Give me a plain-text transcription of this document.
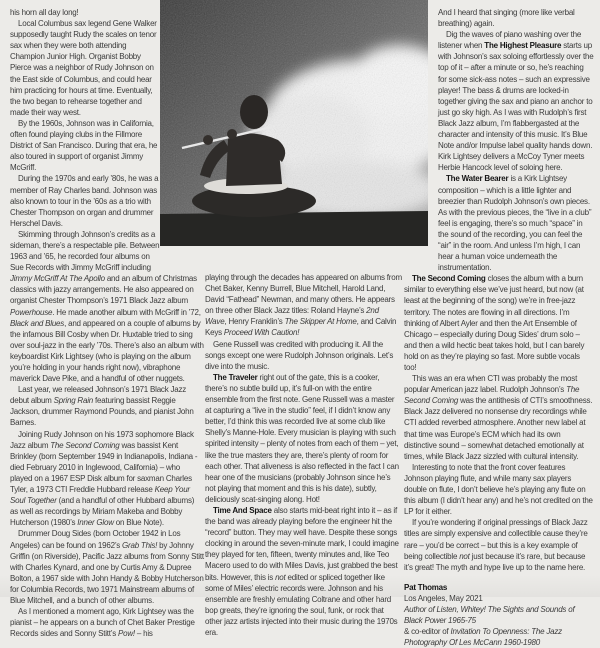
his horn all day long!

Local Columbus sax legend Gene Walker supposedly taught Rudy the scales on tenor sax when they were both attending Champion Junior High. Organist Bobby Pierce was a neighbor of Rudy Johnson on the East side of Columbus, and could hear him practicing for hours at time. Eventually, the two began to rehearse together and made their way west.

By the 1960s, Johnson was in California, often found playing clubs in the Fillmore District of San Francisco. During that era, he also toured in support of organist Jimmy McGriff.

During the 1970s and early ’80s, he was a member of Ray Charles band. Johnson was also known to tour in the ’60s as a trio with Chester Thompson on organ and drummer Herschel Davis.

Skimming through Johnson’s credits as a sideman, there’s a respectable pile. Between 1963 and ’65, he recorded four albums on Sue Records with Jimmy McGriff including Jimmy McGriff At The Apollo and an album of Christmas classics with jazzy arrangements. He also appeared on organist Chester Thompson’s 1971 Black Jazz album Powerhouse. He made another album with McGriff in ’72, Black and Blues, and appeared on a couple of albums by the infamous Bill Cosby when Dr. Huxtable tried to sing over soul-jazz in the early ’70s. There’s also an album with keyboardist Kirk Lightsey (who is playing on the album you’re holding in your hands right now), vibraphone maverick Dave Pike, and a handful of other nuggets.

Last year, we released Johnson’s 1971 Black Jazz debut album Spring Rain featuring bassist Reggie Jackson, drummer Raymond Pounds, and pianist John Barnes.

Joining Rudy Johnson on his 1973 sophomore Black Jazz album The Second Coming was bassist Kent Brinkley (born September 1949 in Indianapolis, Indiana - died February 2010 in Inglewood, California) – who played on a 1967 ESP Disk album for saxman Charles Tyler, a 1973 CTI Freddie Hubbard release Keep Your Soul Together (and a handful of other Hubbard albums) as well as recordings by Miriam Makeba and Bobby Hutcherson (1980’s Inner Glow on Blue Note).

Drummer Doug Sides (born October 1942 in Los Angeles) can be found on 1962’s Grab This! by Johnny Griffin (on Riverside), Pacific Jazz albums from Sonny Stitt with Charles Kynard, and one by Curtis Amy & Dupree Bolton, a 1967 side with John Handy & Bobby Hutcherson for Columbia Records, two 1971 Mainstream albums of Blue Mitchell, and a bunch of other albums.

As I mentioned a moment ago, Kirk Lightsey was the pianist – he appears on a bunch of Chet Baker Prestige Records sides and Sonny Stitt’s Pow! – his

playing through the decades has appeared on albums from Chet Baker, Kenny Burrell, Blue Mitchell, Harold Land, David “Fathead” Newman, and many others. He appears on three other Black Jazz titles: Roland Hayne’s 2nd Wave, Henry Franklin’s The Skipper At Home, and Calvin Keys Proceed With Caution!

Gene Russell was credited with producing it. All the songs except one were Rudolph Johnson originals. Let’s dive into the music.

The Traveler right out of the gate, this is a cooker, there’s no subtle build up, it’s full-on with the entire ensemble from the first note. Gene Russell was a master at capturing a “live in the studio” feel, if I didn’t know any better, I’d think this was recorded live at some club like Shelly’s Manne-Hole. Every musician is playing with such spirited intensity – plenty of notes from each of them – yet, like the true masters they are, there’s plenty of room for each other. That aliveness is also reflected in the fact I can hear one of the musicians (probably Johnson since he’s not playing that moment and this is his date), subtly, deliciously scat-singing along. Hot!

Time And Space also starts mid-beat right into it – as if the band was already playing before the engineer hit the “record” button. They may well have. Despite these songs clocking in around the seven-minute mark, I could imagine they played for ten, fifteen, twenty minutes and, like Teo Macero used to do with Miles Davis, just grabbed the best bits. However, this is not edited or spliced together like some of Miles’ electric records were. Johnson and his ensemble are freshly emulating Coltrane and other hard bop greats, they’re ignoring the soul, funk, or rock that other jazz artists injected into their music during the 1970s era.

And I heard that singing (more like verbal breathing) again.

Dig the waves of piano washing over the listener when The Highest Pleasure starts up with Johnson’s sax soloing effortlessly over the top of it – after a minute or so, he’s reaching for some sick-ass notes – such an expressive player! The bass & drums are locked-in together giving the sax and piano an anchor to just go sky high. As I was with Rudolph’s first Black Jazz album, I’m flabbergasted at the character and intensity of this music. It’s Blue Note and/or Impulse label quality hands down. Kirk Lightsey delivers a McCoy Tyner meets Herbie Hancock level of soloing here.

The Water Bearer is a Kirk Lightsey composition – which is a little lighter and breezier than Rudolph Johnson’s own pieces. As with the previous pieces, the “live in a club” feel is engaging, there’s so much “space” in the sound of the recording, you can feel the “air” in the room. And unless I’m high, I can hear a human voice underneath the instrumentation.

The Second Coming closes the album with a burn similar to everything else we’ve just heard, but now (at least at the beginning of the song) we’re in free-jazz territory. The notes are flowing in all directions. I’m thinking of Albert Ayler and then the Art Ensemble of Chicago – especially during Doug Sides’ drum solo – and then a wild hectic beat takes hold, but I can barely hold on as they’re playing so fast. More subtle vocals too!

This was an era when CTI was probably the most popular American jazz label. Rudolph Johnson’s The Second Coming was the antithesis of CTI’s smoothness. Black Jazz delivered no nonsense dry recordings while CTI added reverbed atmosphere. Another new label at that time was Europe’s ECM which had its own distinctive sound – somewhat detached emotionally at times, while Black Jazz sizzled with cultural intensity.

Interesting to note that the front cover features Johnson playing flute, and while many sax players double on flute, I don’t believe he’s playing any flute on this album (I didn’t hear any) and he’s not credited on the LP for it either.

If you’re wondering if original pressings of Black Jazz titles are simply expensive and collectible cause they’re rare – you’d be correct – but this is a key example of being collectible not just because it’s rare, but because it’s great! The myth and hype live up to the name here.

Pat Thomas

Los Angeles, May 2021

Author of Listen, Whitey! The Sights and Sounds of Black Power 1965-75

& co-editor of Invitation To Openness: The Jazz Photography Of Les McCann 1960-1980
